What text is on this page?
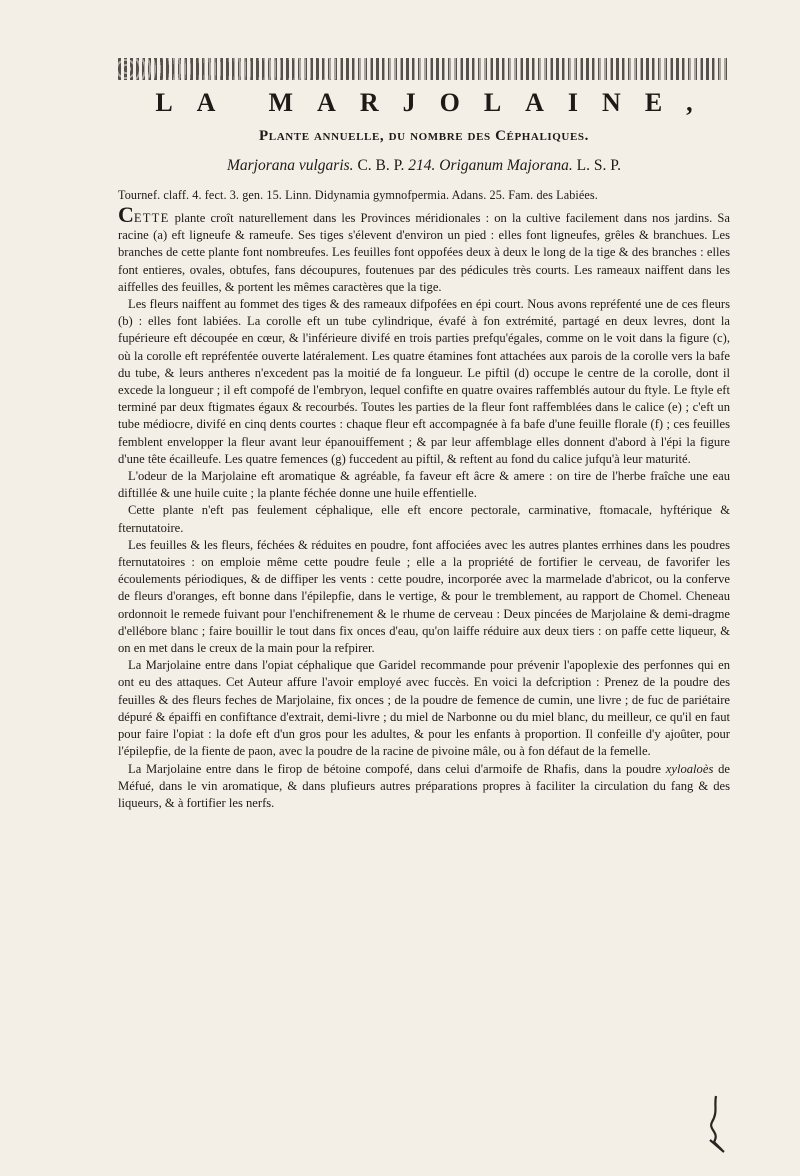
LA MARJOLAINE,
Plante annuelle, du nombre des Céphaliques.
Marjorana vulgaris. C. B. P. 214. Origanum Majorana. L. S. P.
Tournef. claff. 4. fect. 3. gen. 15. Linn. Didynamia gymnofpermia. Adans. 25. Fam. des Labiées.

CETTE plante croît naturellement dans les Provinces méridionales : on la cultive facilement dans nos jardins. Sa racine (a) eft ligneufe & rameufe. Ses tiges s'élevent d'environ un pied : elles font ligneufes, grêles & branchues. Les branches de cette plante font nombreufes. Les feuilles font oppofées deux à deux le long de la tige & des branches : elles font entieres, ovales, obtufes, fans découpures, foutenues par des pédicules très courts. Les rameaux naiffent dans les aiffelles des feuilles, & portent les mêmes caractères que la tige.

Les fleurs naiffent au fommet des tiges & des rameaux difpofées en épi court. Nous avons repréfenté une de ces fleurs (b) : elles font labiées. La corolle eft un tube cylindrique, évafé à fon extrémité, partagé en deux levres, dont la fupérieure eft découpée en cœur, & l'inférieure divifé en trois parties prefqu'égales, comme on le voit dans la figure (c), où la corolle eft repréfentée ouverte latéralement. Les quatre étamines font attachées aux parois de la corolle vers la bafe du tube, & leurs antheres n'excedent pas la moitié de fa longueur. Le piftil (d) occupe le centre de la corolle, dont il excede la longueur ; il eft compofé de l'embryon, lequel confifte en quatre ovaires raffemblés autour du ftyle. Le ftyle eft terminé par deux ftigmates égaux & recourbés. Toutes les parties de la fleur font raffemblées dans le calice (e) ; c'eft un tube médiocre, divifé en cinq dents courtes : chaque fleur eft accompagnée à fa bafe d'une feuille florale (f) ; ces feuilles femblent envelopper la fleur avant leur épanouiffement ; & par leur affemblage elles donnent d'abord à l'épi la figure d'une tête écailleufe. Les quatre femences (g) fuccedent au piftil, & reftent au fond du calice jufqu'à leur maturité.

L'odeur de la Marjolaine eft aromatique & agréable, fa faveur eft âcre & amere : on tire de l'herbe fraîche une eau diftillée & une huile cuite ; la plante féchée donne une huile effentielle.

Cette plante n'eft pas feulement céphalique, elle eft encore pectorale, carminative, ftomacale, hyftérique & fternutatoire.

Les feuilles & les fleurs, féchées & réduites en poudre, font affociées avec les autres plantes errhines dans les poudres fternutatoires : on emploie même cette poudre feule ; elle a la propriété de fortifier le cerveau, de favorifer les écoulements périodiques, & de diffiper les vents : cette poudre, incorporée avec la marmelade d'abricot, ou la conferve de fleurs d'oranges, eft bonne dans l'épilepfie, dans le vertige, & pour le tremblement, au rapport de Chomel. Cheneau ordonnoit le remede fuivant pour l'enchifrenement & le rhume de cerveau : Deux pincées de Marjolaine & demi-dragme d'ellébore blanc ; faire bouillir le tout dans fix onces d'eau, qu'on laiffe réduire aux deux tiers : on paffe cette liqueur, & on en met dans le creux de la main pour la refpirer.

La Marjolaine entre dans l'opiat céphalique que Garidel recommande pour prévenir l'apoplexie des perfonnes qui en ont eu des attaques. Cet Auteur affure l'avoir employé avec fuccès. En voici la defcription : Prenez de la poudre des feuilles & des fleurs feches de Marjolaine, fix onces ; de la poudre de femence de cumin, une livre ; de fuc de pariétaire dépuré & épaiffi en confiftance d'extrait, demi-livre ; du miel de Narbonne ou du miel blanc, du meilleur, ce qu'il en faut pour faire l'opiat : la dofe eft d'un gros pour les adultes, & pour les enfants à proportion. Il confeille d'y ajoûter, pour l'épilepfie, de la fiente de paon, avec la poudre de la racine de pivoine mâle, ou à fon défaut de la femelle.

La Marjolaine entre dans le firop de bétoine compofé, dans celui d'armoife de Rhafis, dans la poudre xyloaloès de Méfué, dans le vin aromatique, & dans plufieurs autres préparations propres à faciliter la circulation du fang & des liqueurs, & à fortifier les nerfs.
